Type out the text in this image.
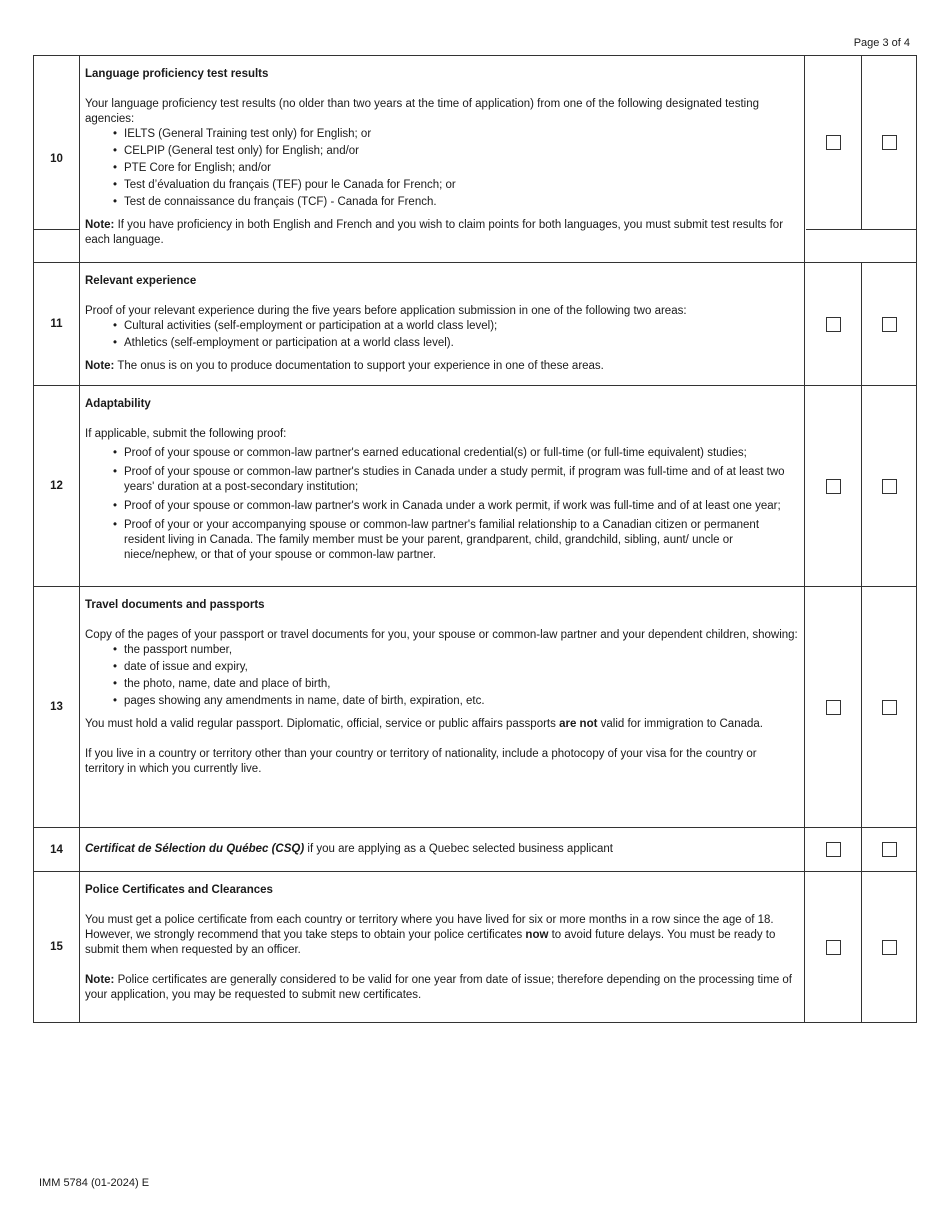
Page 3 of 4
10
Language proficiency test results

Your language proficiency test results (no older than two years at the time of application) from one of the following designated testing agencies:

• IELTS (General Training test only) for English; or
• CELPIP (General test only) for English; and/or
• PTE Core for English; and/or
• Test d’évaluation du français (TEF) pour le Canada for French; or
• Test de connaissance du français (TCF) - Canada for French.

Note: If you have proficiency in both English and French and you wish to claim points for both languages, you must submit test results for each language.

11
Relevant experience

Proof of your relevant experience during the five years before application submission in one of the following two areas:

• Cultural activities (self-employment or participation at a world class level);
• Athletics (self-employment or participation at a world class level).

Note: The onus is on you to produce documentation to support your experience in one of these areas.

12
Adaptability

If applicable, submit the following proof:

• Proof of your spouse or common-law partner's earned educational credential(s) or full-time (or full-time equivalent) studies;
• Proof of your spouse or common-law partner's studies in Canada under a study permit, if program was full-time and of at least two years' duration at a post-secondary institution;
• Proof of your spouse or common-law partner's work in Canada under a work permit, if work was full-time and of at least one year;
• Proof of your or your accompanying spouse or common-law partner's familial relationship to a Canadian citizen or permanent resident living in Canada. The family member must be your parent, grandparent, child, grandchild, sibling, aunt/ uncle or niece/nephew, or that of your spouse or common-law partner.
13
Travel documents and passports

Copy of the pages of your passport or travel documents for you, your spouse or common-law partner and your dependent children, showing:

• the passport number,
• date of issue and expiry,
• the photo, name, date and place of birth,
• pages showing any amendments in name, date of birth, expiration, etc.

You must hold a valid regular passport. Diplomatic, official, service or public affairs passports are not valid for immigration to Canada.

If you live in a country or territory other than your country or territory of nationality, include a photocopy of your visa for the country or territory in which you currently live.

14	Certificat de Sélection du Québec (CSQ) if you are applying as a Quebec selected business applicant

15
Police Certificates and Clearances

You must get a police certificate from each country or territory where you have lived for six or more months in a row since the age of 18. However, we strongly recommend that you take steps to obtain your police certificates now to avoid future delays. You must be ready to submit them when requested by an officer.

Note: Police certificates are generally considered to be valid for one year from date of issue; therefore depending on the processing time of your application, you may be requested to submit new certificates.

IMM 5784 (01-2024) E
